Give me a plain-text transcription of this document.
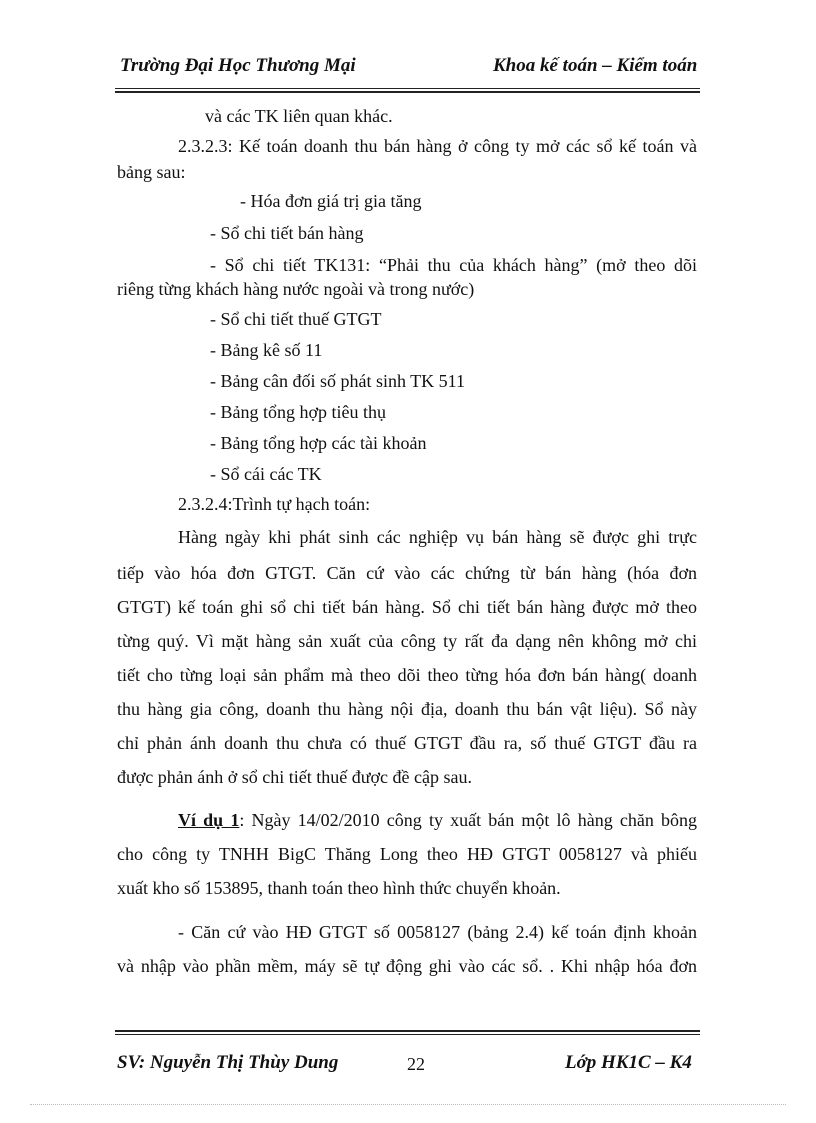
Trường Đại Học Thương Mại	Khoa kế toán – Kiểm toán
và các TK liên quan khác.
2.3.2.3: Kế toán doanh thu bán hàng ở công ty mở các sổ kế toán và
bảng sau:
- Hóa đơn giá trị gia tăng
- Sổ chi tiết bán hàng
- Sổ chi tiết TK131: “Phải thu của khách hàng” (mở theo dõi
riêng từng khách hàng nước ngoài và trong nước)
- Sổ chi tiết thuế GTGT
- Bảng kê số 11
- Bảng cân đối số phát sinh TK 511
- Bảng tổng hợp tiêu thụ
- Bảng tổng hợp các tài khoản
- Sổ cái các TK
2.3.2.4:Trình tự hạch toán:
Hàng ngày khi phát sinh các nghiệp vụ bán hàng sẽ được ghi trực
tiếp vào hóa đơn GTGT. Căn cứ vào các chứng từ bán hàng (hóa đơn
GTGT) kế toán ghi sổ chi tiết bán hàng. Sổ chi tiết bán hàng được mở theo
từng quý. Vì mặt hàng sản xuất của công ty rất đa dạng nên không mở chi
tiết cho từng loại sản phẩm mà theo dõi theo từng hóa đơn bán hàng( doanh
thu hàng gia công, doanh thu hàng nội địa, doanh thu bán vật liệu). Sổ này
chỉ phản ánh doanh thu chưa có thuế GTGT đầu ra, số thuế GTGT đầu ra
được phản ánh ở sổ chi tiết thuế được đề cập sau.
Ví dụ 1: Ngày 14/02/2010 công ty xuất bán một lô hàng chăn bông
cho công ty TNHH BigC Thăng Long theo HĐ GTGT 0058127 và phiếu
xuất kho số 153895, thanh toán theo hình thức chuyển khoản.
- Căn cứ vào HĐ GTGT số 0058127 (bảng 2.4) kế toán định khoản
và nhập vào phần mềm, máy sẽ tự động ghi vào các sổ. . Khi nhập hóa đơn
SV: Nguyễn Thị Thùy Dung	22	Lớp HK1C – K4
